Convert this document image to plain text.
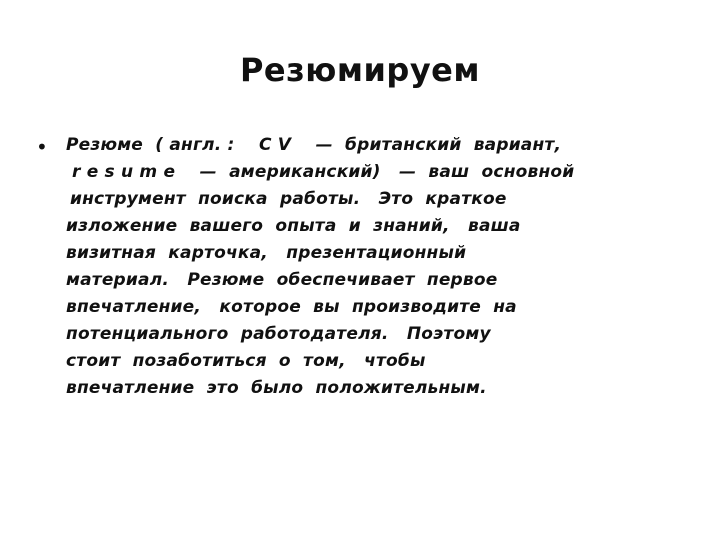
Резюмируем
• Резюме  ( англ. :    C V    —  британский  вариант,
r e s u m e    —  американский)   —  ваш  основной
инструмент  поиска  работы.   Это  краткое
изложение  вашего  опыта  и  знаний,   ваша
визитная  карточка,   презентационный
материал.   Резюме  обеспечивает  первое
впечатление,   которое  вы  производите  на
потенциального  работодателя.   Поэтому
стоит  позаботиться  о  том,   чтобы
впечатление  это  было  положительным.
